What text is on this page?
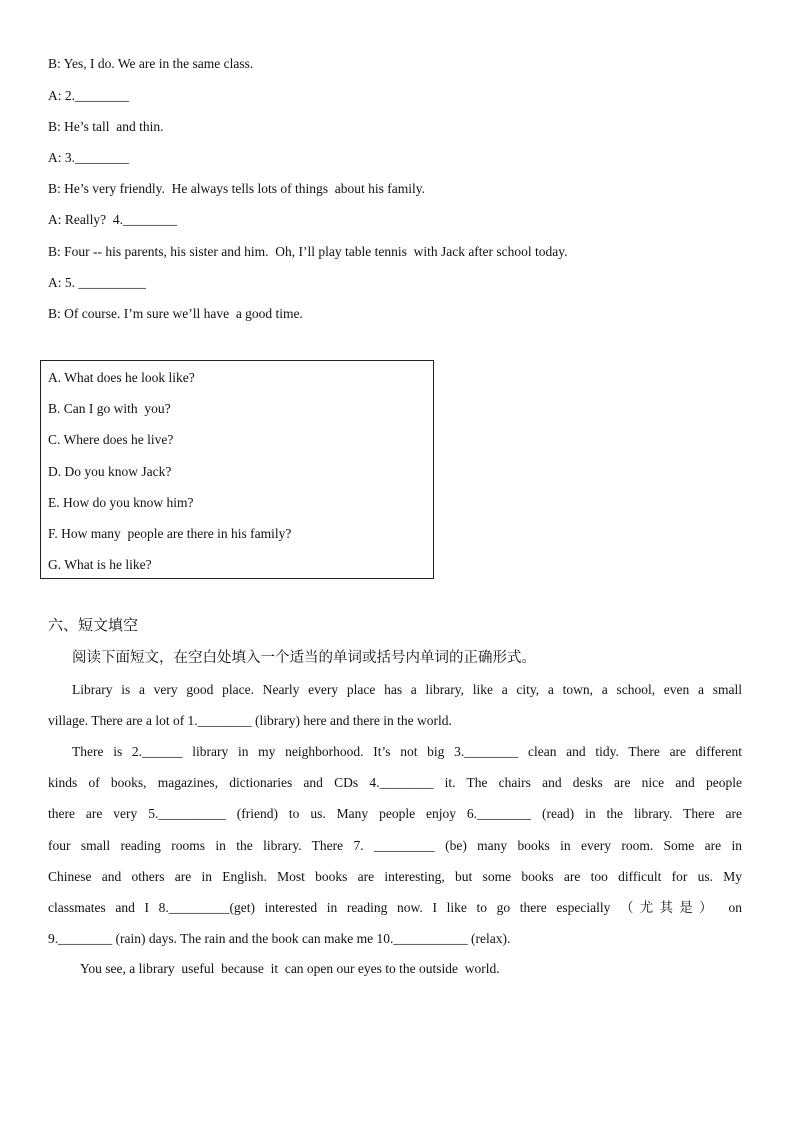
B: Yes, I do. We are in the same class.
A: 2.________
B: He’s tall  and thin.
A: 3.________
B: He’s very friendly.  He always tells lots of things  about his family.
A: Really?  4.________
B: Four -- his parents, his sister and him.  Oh, I’ll play table tennis  with Jack after school today.
A: 5. __________
B: Of course. I’m sure we’ll have  a good time.
A. What does he look like?
B. Can I go with  you?
C. Where does he live?
D. Do you know Jack?
E. How do you know him?
F. How many  people are there in his family?
G. What is he like?
六、短文填空
阅读下面短文，在空白处填入一个适当的单词或括号内单词的正确形式。
Library is a very good place. Nearly every place has a library, like a city, a town, a school, even a small
village. There are a lot of 1.________ (library) here and there in the world.
There is 2.______ library in my neighborhood. It’s not big 3.________ clean and tidy. There are different
kinds of books, magazines, dictionaries and CDs 4.________ it. The chairs and desks are nice and people
there are very 5.__________ (friend) to us. Many people enjoy 6.________ (read) in the library. There are
four small reading rooms in the library. There 7. _________ (be) many books in every room. Some are in
Chinese and others are in English. Most books are interesting, but some books are too difficult for us. My
classmates and I 8._________(get) interested in reading now. I like to go there especially （尤其是） on
9.________ (rain) days. The rain and the book can make me 10.___________ (relax).
You see, a library  useful  because  it  can open our eyes to the outside  world.
